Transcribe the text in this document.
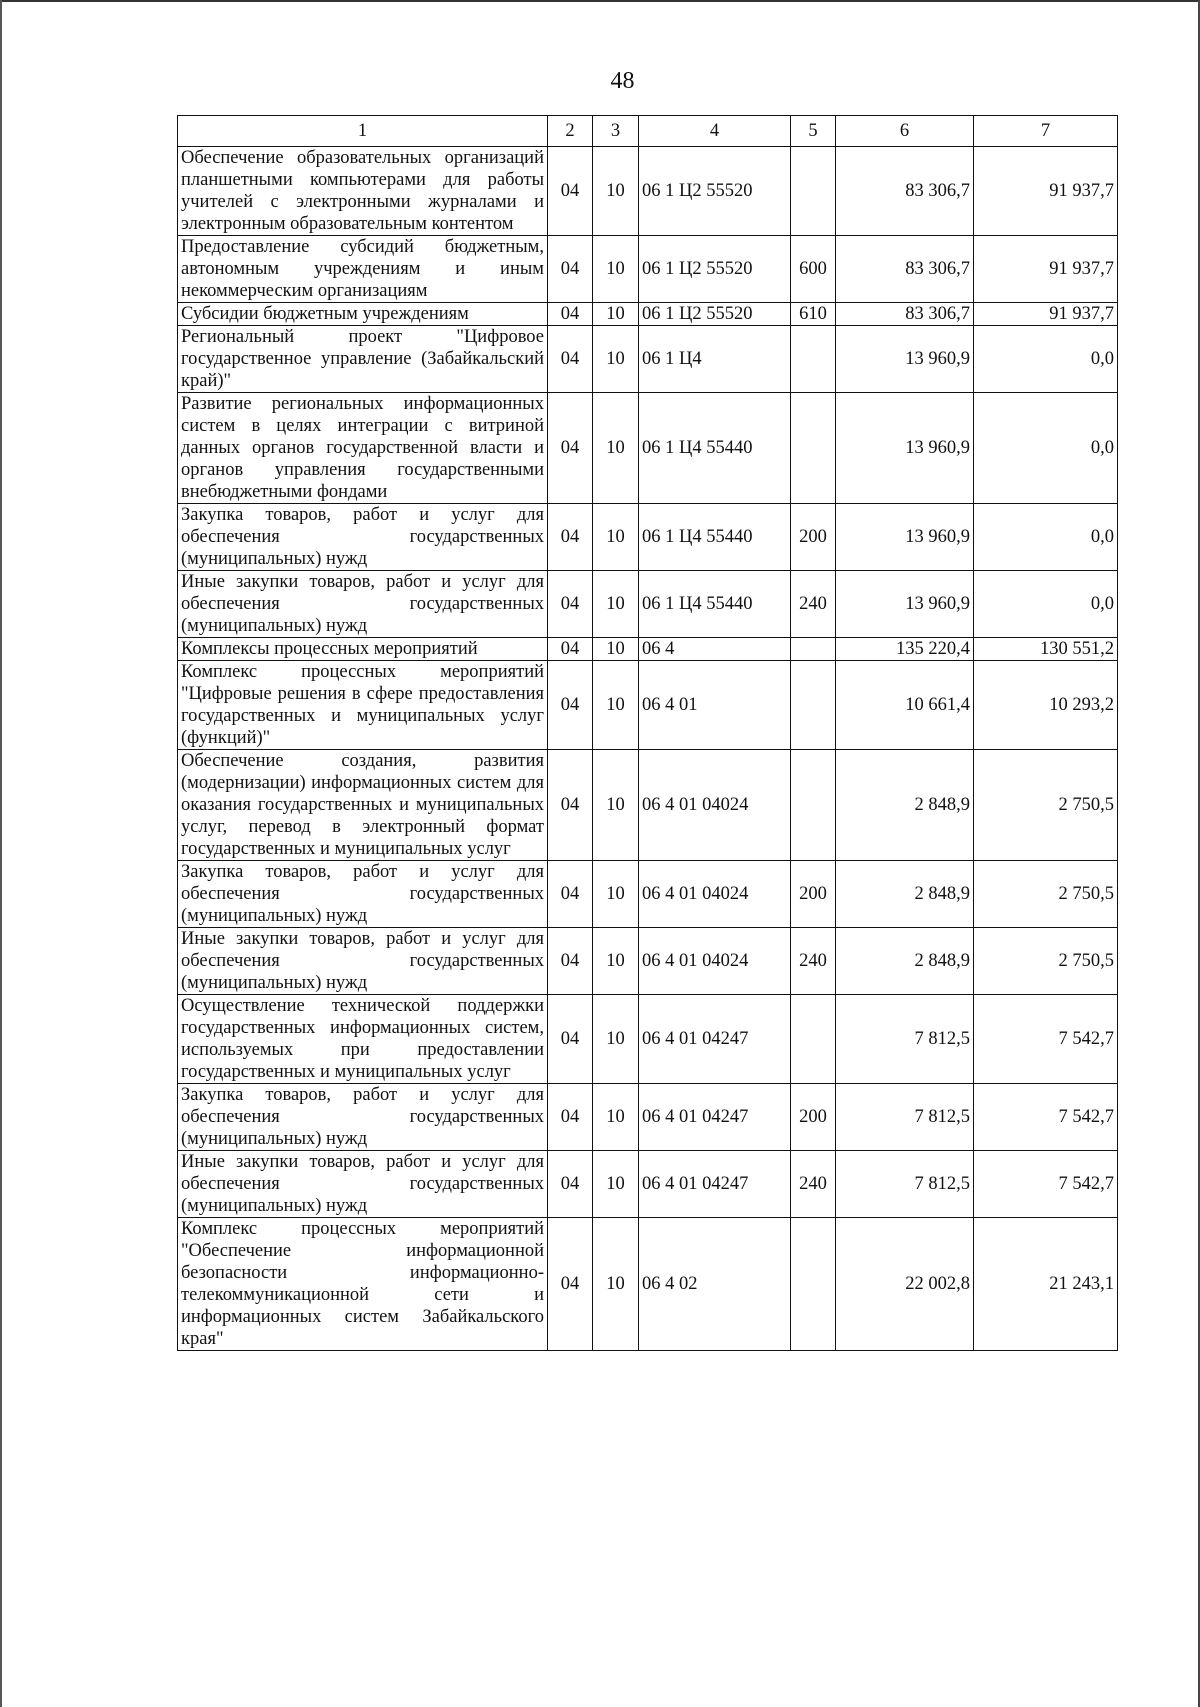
48
1	2	3	4	5	6	7
Обеспечение образовательных организаций планшетными компьютерами для работы учителей с электронными журналами и электронным образовательным контентом	04	10	06 1 Ц2 55520		83 306,7	91 937,7
Предоставление субсидий бюджетным, автономным учреждениям и иным некоммерческим организациям	04	10	06 1 Ц2 55520	600	83 306,7	91 937,7
Субсидии бюджетным учреждениям	04	10	06 1 Ц2 55520	610	83 306,7	91 937,7
Региональный проект "Цифровое государственное управление (Забайкальский край)"	04	10	06 1 Ц4		13 960,9	0,0
Развитие региональных информационных систем в целях интеграции с витриной данных органов государственной власти и органов управления государственными внебюджетными фондами	04	10	06 1 Ц4 55440		13 960,9	0,0
Закупка товаров, работ и услуг для обеспечения государственных (муниципальных) нужд	04	10	06 1 Ц4 55440	200	13 960,9	0,0
Иные закупки товаров, работ и услуг для обеспечения государственных (муниципальных) нужд	04	10	06 1 Ц4 55440	240	13 960,9	0,0
Комплексы процессных мероприятий	04	10	06 4		135 220,4	130 551,2
Комплекс процессных мероприятий "Цифровые решения в сфере предоставления государственных и муниципальных услуг (функций)"	04	10	06 4 01		10 661,4	10 293,2
Обеспечение создания, развития (модернизации) информационных систем для оказания государственных и муниципальных услуг, перевод в электронный формат государственных и муниципальных услуг	04	10	06 4 01 04024		2 848,9	2 750,5
Закупка товаров, работ и услуг для обеспечения государственных (муниципальных) нужд	04	10	06 4 01 04024	200	2 848,9	2 750,5
Иные закупки товаров, работ и услуг для обеспечения государственных (муниципальных) нужд	04	10	06 4 01 04024	240	2 848,9	2 750,5
Осуществление технической поддержки государственных информационных систем, используемых при предоставлении государственных и муниципальных услуг	04	10	06 4 01 04247		7 812,5	7 542,7
Закупка товаров, работ и услуг для обеспечения государственных (муниципальных) нужд	04	10	06 4 01 04247	200	7 812,5	7 542,7
Иные закупки товаров, работ и услуг для обеспечения государственных (муниципальных) нужд	04	10	06 4 01 04247	240	7 812,5	7 542,7
Комплекс процессных мероприятий "Обеспечение информационной безопасности информационно-телекоммуникационной сети и информационных систем Забайкальского края"	04	10	06 4 02		22 002,8	21 243,1
